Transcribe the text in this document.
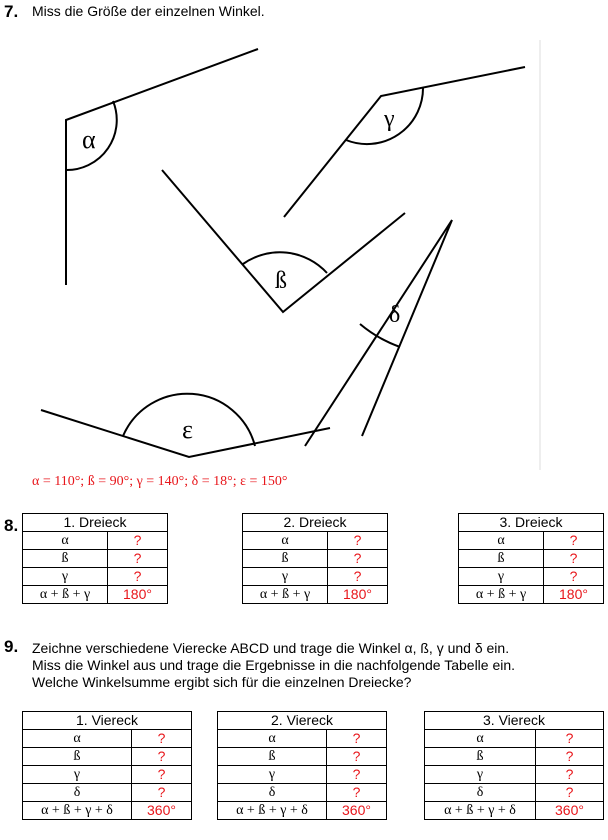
7. Miss die Größe der einzelnen Winkel.
α
γ
ß
δ
ε
α = 110°; ß = 90°; γ = 140°; δ = 18°; ε = 150°
8.	1. Dreieck	
α	?
ß	?
γ	?
α + ß + γ	180°
2. Dreieck	
α	?
ß	?
γ	?
α + ß + γ	180°
3. Dreieck	
α	?
ß	?
γ	?
α + ß + γ	180°
9. Zeichne verschiedene Vierecke ABCD und trage die Winkel α, ß, γ und δ ein.
Miss die Winkel aus und trage die Ergebnisse in die nachfolgende Tabelle ein.
Welche Winkelsumme ergibt sich für die einzelnen Dreiecke?
1. Viereck	
α	?
ß	?
γ	?
δ	?
α + ß + γ + δ	360°
2. Viereck	
α	?
ß	?
γ	?
δ	?
α + ß + γ + δ	360°
3. Viereck	
α	?
ß	?
γ	?
δ	?
α + ß + γ + δ	360°
